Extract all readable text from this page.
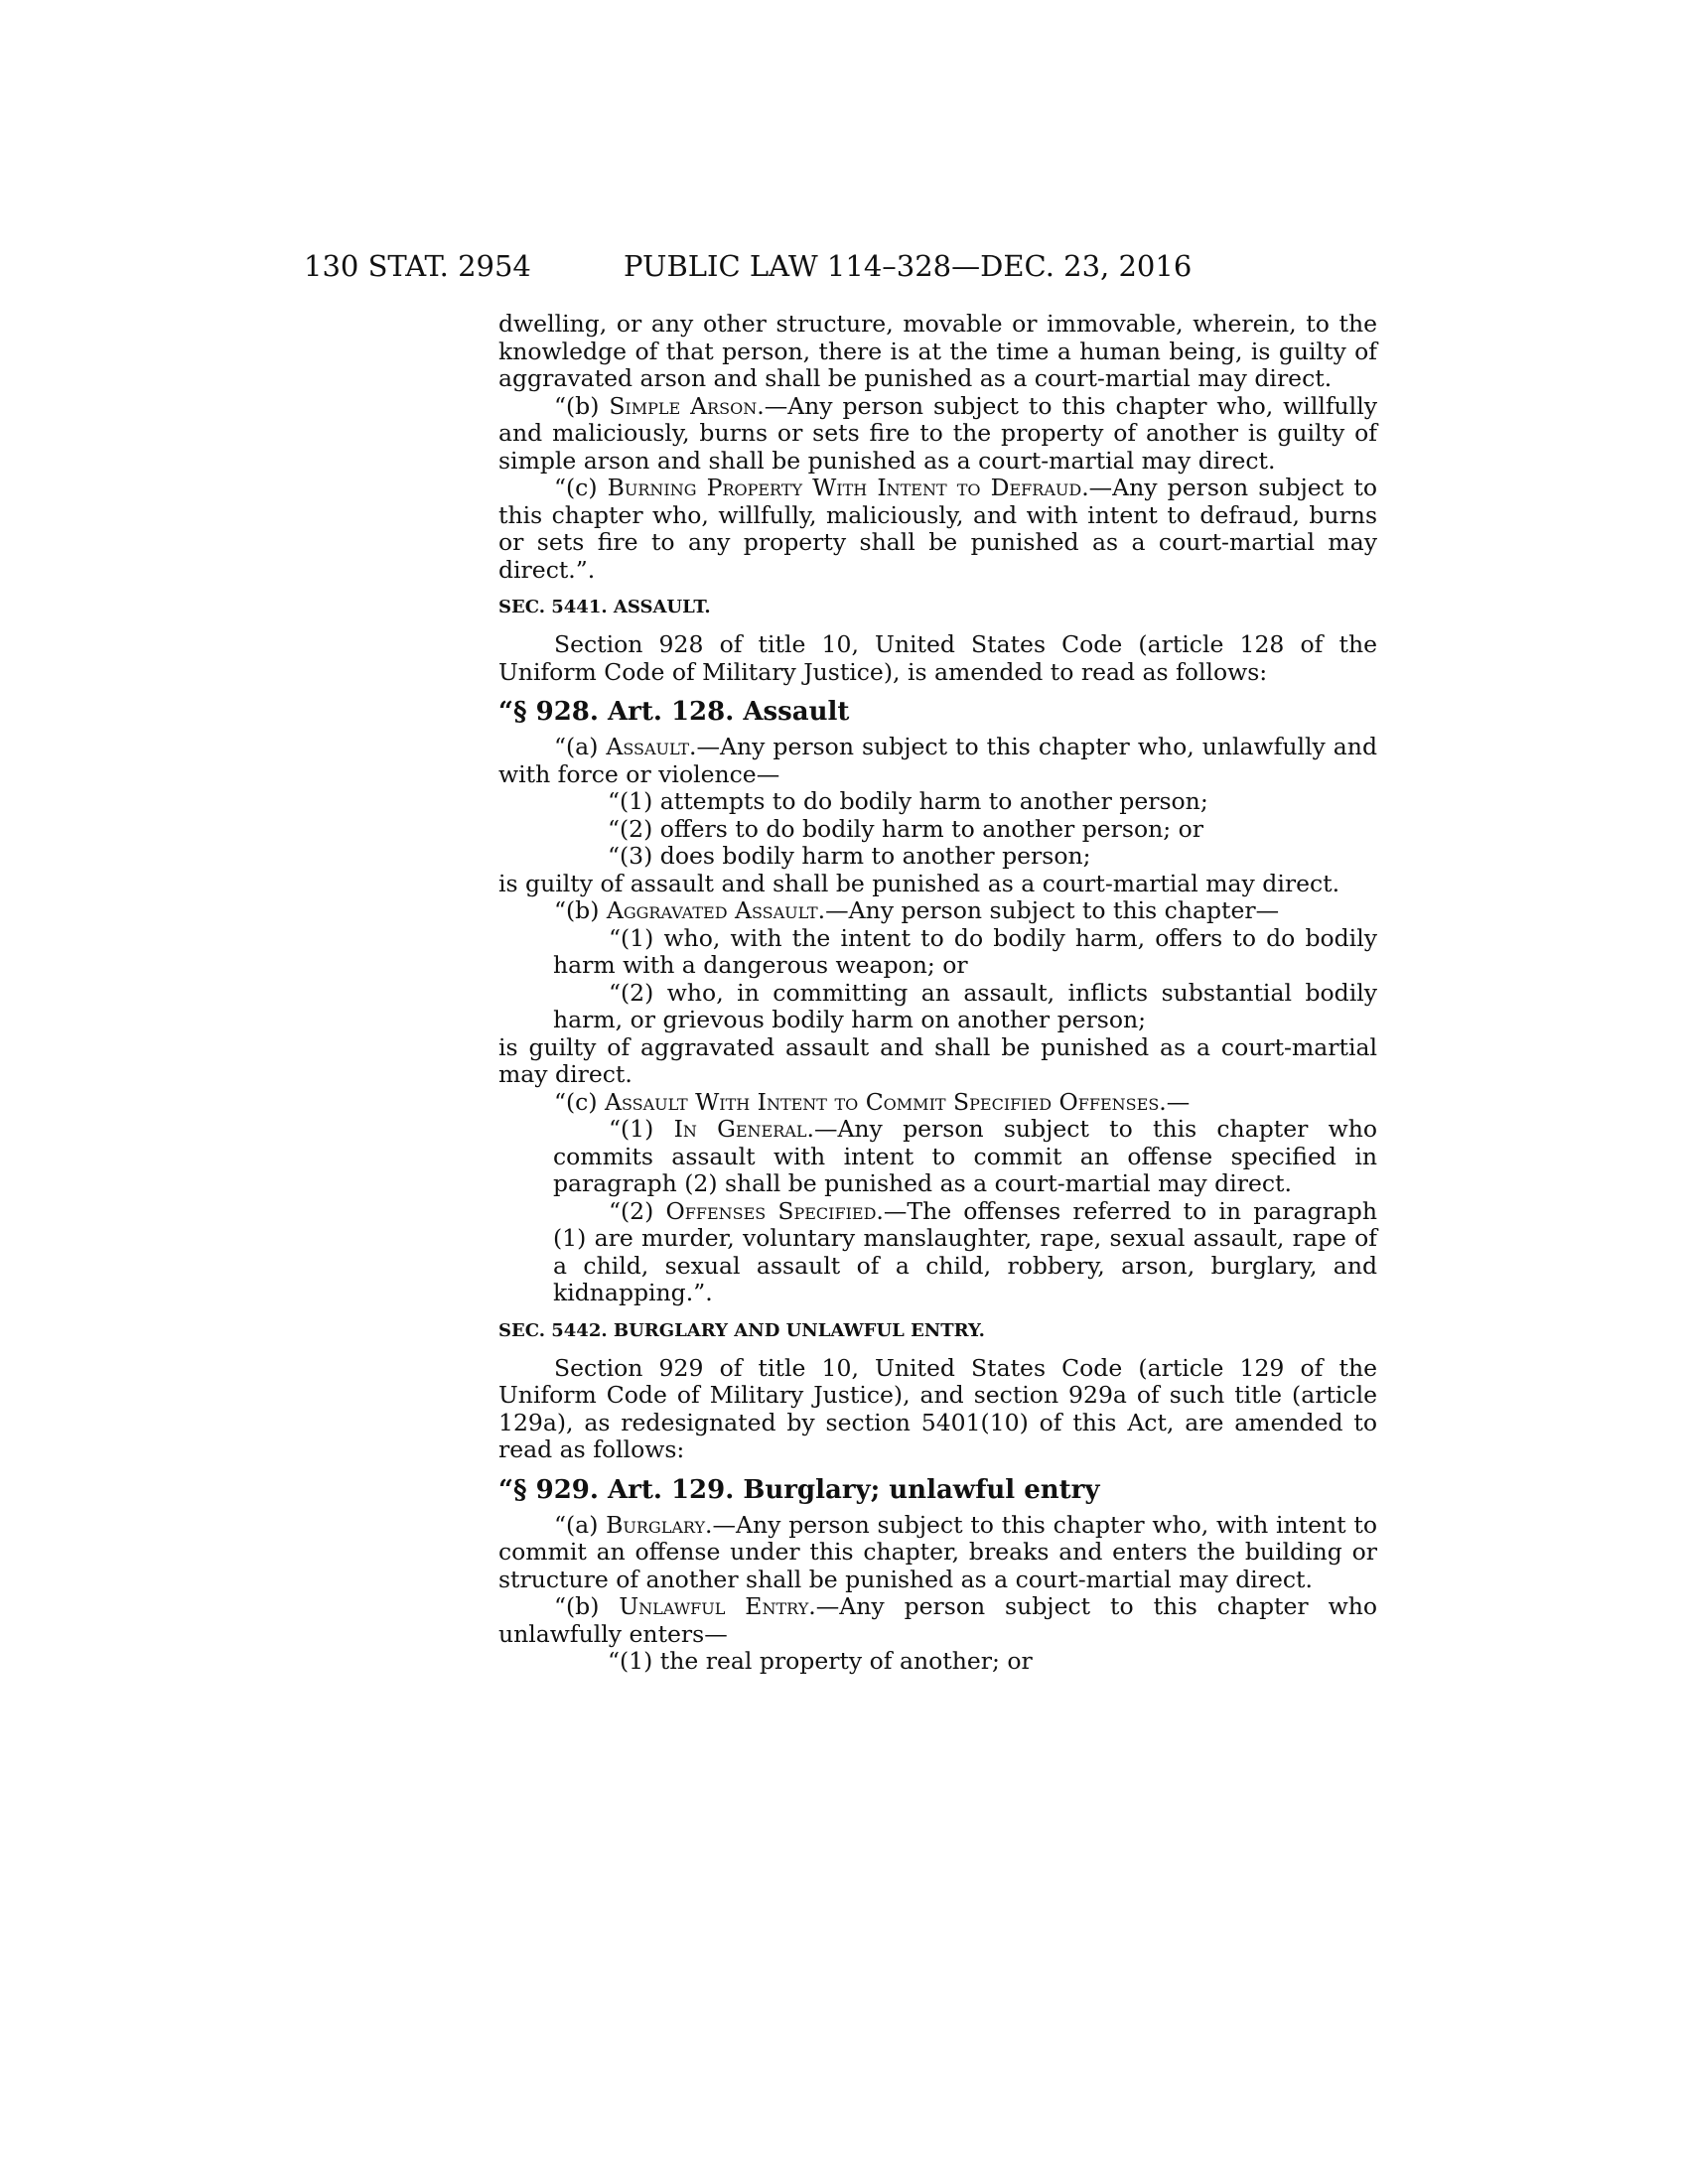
130 STAT. 2954	PUBLIC LAW 114–328—DEC. 23, 2016

dwelling, or any other structure, movable or immovable, wherein, to the knowledge of that person, there is at the time a human being, is guilty of aggravated arson and shall be punished as a court-martial may direct.

“(b) Simple Arson.—Any person subject to this chapter who, willfully and maliciously, burns or sets fire to the property of another is guilty of simple arson and shall be punished as a court-martial may direct.

“(c) Burning Property With Intent to Defraud.—Any person subject to this chapter who, willfully, maliciously, and with intent to defraud, burns or sets fire to any property shall be punished as a court-martial may direct.”.

SEC. 5441. ASSAULT.

Section 928 of title 10, United States Code (article 128 of the Uniform Code of Military Justice), is amended to read as follows:

“§ 928. Art. 128. Assault

“(a) Assault.—Any person subject to this chapter who, unlawfully and with force or violence—

“(1) attempts to do bodily harm to another person;

“(2) offers to do bodily harm to another person; or

“(3) does bodily harm to another person;

is guilty of assault and shall be punished as a court-martial may direct.

“(b) Aggravated Assault.—Any person subject to this chapter—

“(1) who, with the intent to do bodily harm, offers to do bodily harm with a dangerous weapon; or

“(2) who, in committing an assault, inflicts substantial bodily harm, or grievous bodily harm on another person;

is guilty of aggravated assault and shall be punished as a court-martial may direct.

“(c) Assault With Intent to Commit Specified Offenses.—

“(1) In General.—Any person subject to this chapter who commits assault with intent to commit an offense specified in paragraph (2) shall be punished as a court-martial may direct.

“(2) Offenses Specified.—The offenses referred to in paragraph (1) are murder, voluntary manslaughter, rape, sexual assault, rape of a child, sexual assault of a child, robbery, arson, burglary, and kidnapping.”.

SEC. 5442. BURGLARY AND UNLAWFUL ENTRY.

Section 929 of title 10, United States Code (article 129 of the Uniform Code of Military Justice), and section 929a of such title (article 129a), as redesignated by section 5401(10) of this Act, are amended to read as follows:

“§ 929. Art. 129. Burglary; unlawful entry

“(a) Burglary.—Any person subject to this chapter who, with intent to commit an offense under this chapter, breaks and enters the building or structure of another shall be punished as a court-martial may direct.

“(b) Unlawful Entry.—Any person subject to this chapter who unlawfully enters—

“(1) the real property of another; or
